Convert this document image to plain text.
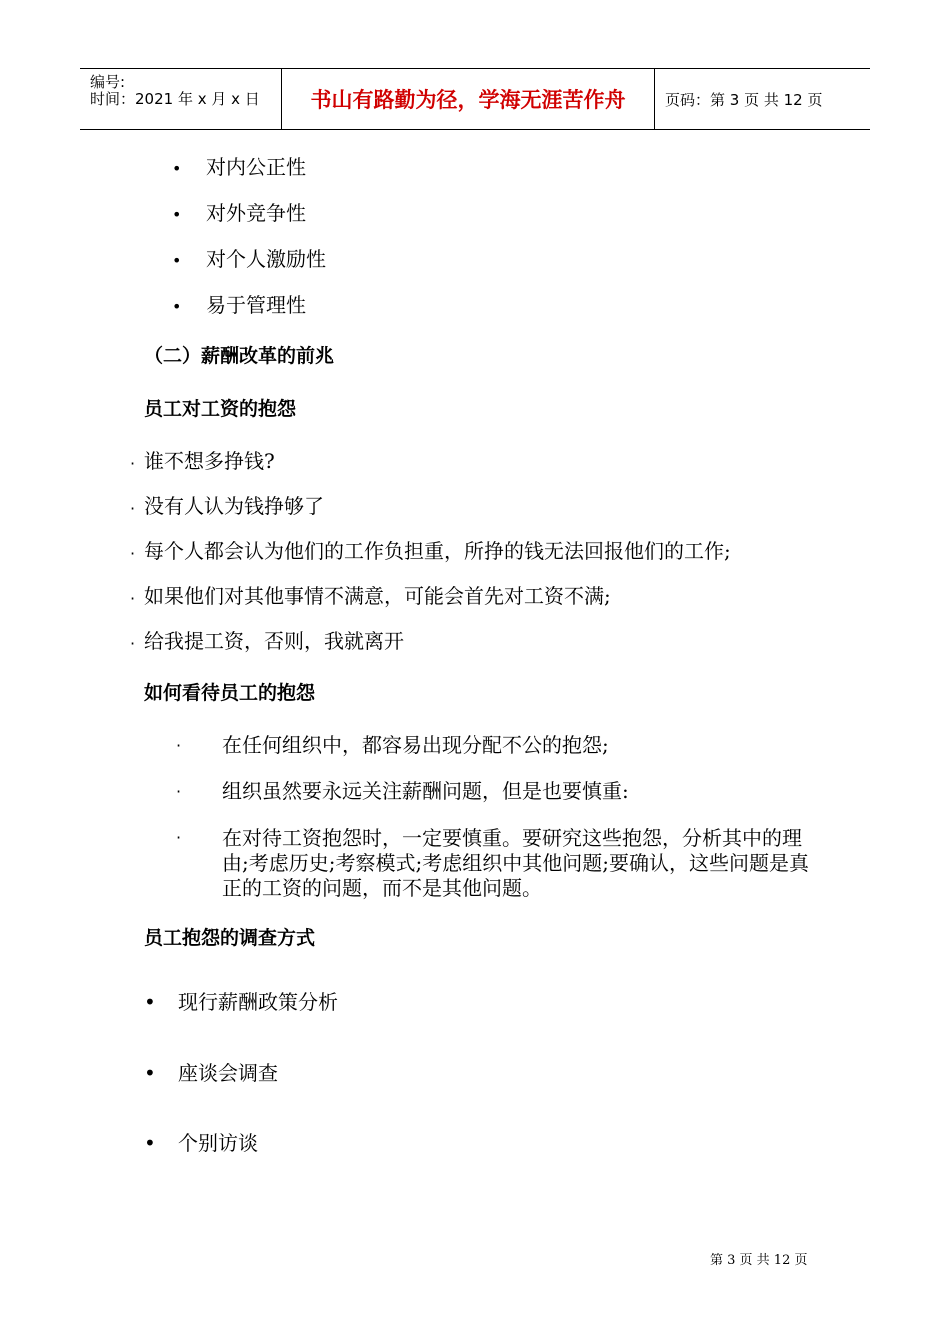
编号:
时间：2021 年 x 月 x 日	书山有路勤为径，学海无涯苦作舟	页码：第 3 页 共 12 页
• 对内公正性
• 对外竞争性
• 对个人激励性
• 易于管理性
（二）薪酬改革的前兆
员工对工资的抱怨
· 谁不想多挣钱?
· 没有人认为钱挣够了
· 每个人都会认为他们的工作负担重，所挣的钱无法回报他们的工作;
· 如果他们对其他事情不满意，可能会首先对工资不满;
· 给我提工资，否则，我就离开
如何看待员工的抱怨
· 在任何组织中，都容易出现分配不公的抱怨;
· 组织虽然要永远关注薪酬问题，但是也要慎重:
· 在对待工资抱怨时，一定要慎重。要研究这些抱怨，分析其中的理由;考虑历史;考察模式;考虑组织中其他问题;要确认，这些问题是真正的工资的问题，而不是其他问题。
员工抱怨的调查方式
• 现行薪酬政策分析
• 座谈会调查
• 个别访谈
第 3 页 共 12 页
